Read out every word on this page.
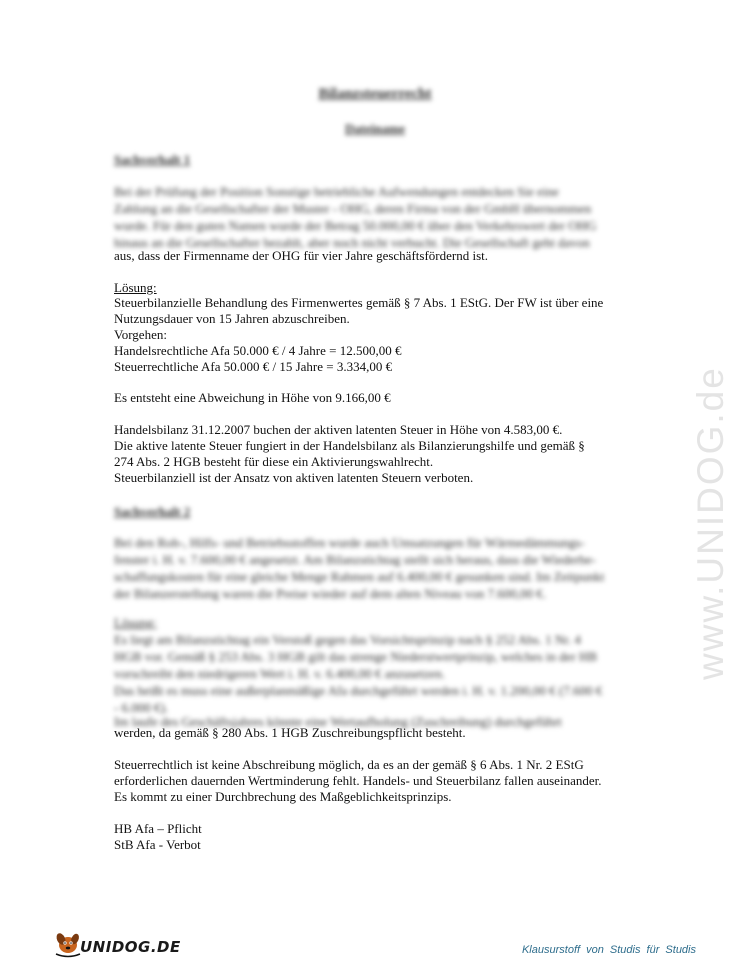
www.UNIDOG.de
Bilanzsteuerrecht
Dateiname
Sachverhalt 1
Bei der Prüfung der Position Sonstige betriebliche Aufwendungen entdecken Sie eine
Zahlung an die Gesellschafter der Muster - OHG, deren Firma von der GmbH übernommen
wurde. Für den guten Namen wurde der Betrag 50.000,00 € über den Verkehrswert der OHG
hinaus an die Gesellschafter bezahlt, aber noch nicht verbucht. Die Gesellschaft geht davon
aus, dass der Firmenname der OHG für vier Jahre geschäftsfördernd ist.
Lösung:
Steuerbilanzielle Behandlung des Firmenwertes gemäß § 7 Abs. 1 EStG. Der FW ist über eine
Nutzungsdauer von 15 Jahren abzuschreiben.
Vorgehen:
Handelsrechtliche Afa 50.000 € / 4 Jahre = 12.500,00 €
Steuerrechtliche Afa 50.000 € / 15 Jahre = 3.334,00 €
Es entsteht eine Abweichung in Höhe von 9.166,00 €
Handelsbilanz 31.12.2007 buchen der aktiven latenten Steuer in Höhe von 4.583,00 €.
Die aktive latente Steuer fungiert in der Handelsbilanz als Bilanzierungshilfe und gemäß §
274 Abs. 2 HGB besteht für diese ein Aktivierungswahlrecht.
Steuerbilanziell ist der Ansatz von aktiven latenten Steuern verboten.
Sachverhalt 2
Bei den Roh-, Hilfs- und Betriebsstoffen wurde auch Umsatzungen für Wärmedämmungs-
fenster i. H. v. 7.600,00 € angesetzt. Am Bilanzstichtag stellt sich heraus, dass die Wiederbe-
schaffungskosten für eine gleiche Menge Rahmen auf 6.400,00 € gesunken sind. Im Zeitpunkt
der Bilanzerstellung waren die Preise wieder auf dem alten Niveau von 7.600,00 €.
Lösung:
Es liegt am Bilanzstichtag ein Verstoß gegen das Vorsichtsprinzip nach § 252 Abs. 1 Nr. 4
HGB vor. Gemäß § 253 Abs. 3 HGB gilt das strenge Niederstwertprinzip, welches in der HB
vorschreibt den niedrigeren Wert i. H. v. 6.400,00 € anzusetzen.
Das heißt es muss eine außerplanmäßige Afa durchgeführt werden i. H. v. 1.200,00 € (7.600 €
- 6.000 €).
Im laufe des Geschäftsjahres könnte eine Wertaufholung (Zuschreibung) durchgeführt
werden, da gemäß § 280 Abs. 1 HGB Zuschreibungspflicht besteht.
Steuerrechtlich ist keine Abschreibung möglich, da es an der gemäß § 6 Abs. 1 Nr. 2 EStG
erforderlichen dauernden Wertminderung fehlt. Handels- und Steuerbilanz fallen auseinander.
Es kommt zu einer Durchbrechung des Maßgeblichkeitsprinzips.
HB Afa – Pflicht
StB Afa - Verbot
UNIDOG.DE	Klausurstoff von Studis für Studis
